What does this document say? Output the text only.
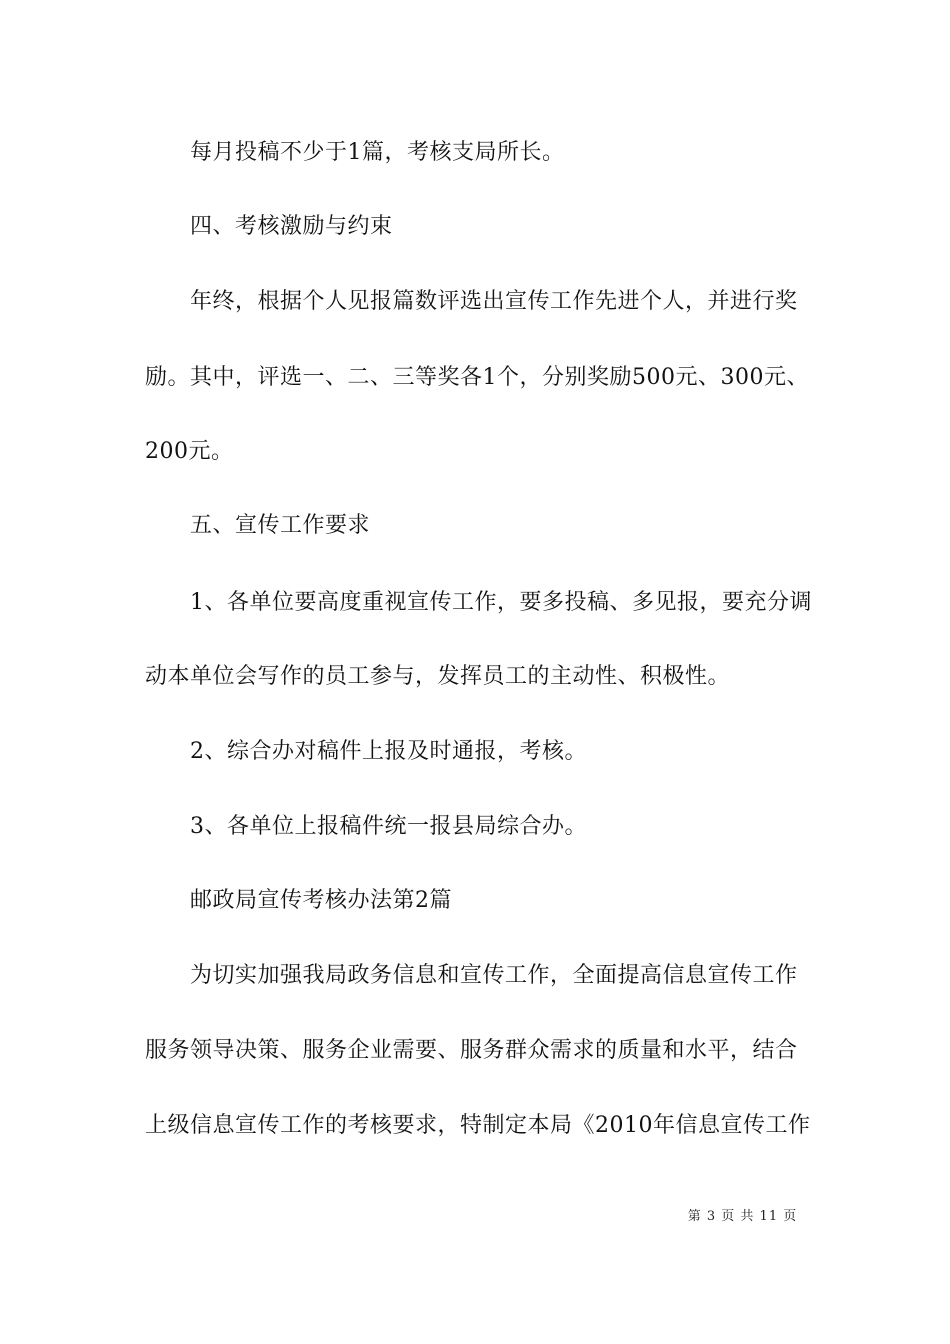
每月投稿不少于1篇，考核支局所长。
四、考核激励与约束
年终，根据个人见报篇数评选出宣传工作先进个人，并进行奖
励。其中，评选一、二、三等奖各1个，分别奖励500元、300元、
200元。
五、宣传工作要求
1、各单位要高度重视宣传工作，要多投稿、多见报，要充分调
动本单位会写作的员工参与，发挥员工的主动性、积极性。
2、综合办对稿件上报及时通报，考核。
3、各单位上报稿件统一报县局综合办。
邮政局宣传考核办法第2篇
为切实加强我局政务信息和宣传工作，全面提高信息宣传工作
服务领导决策、服务企业需要、服务群众需求的质量和水平，结合
上级信息宣传工作的考核要求，特制定本局《2010年信息宣传工作
第 3 页 共 11 页
